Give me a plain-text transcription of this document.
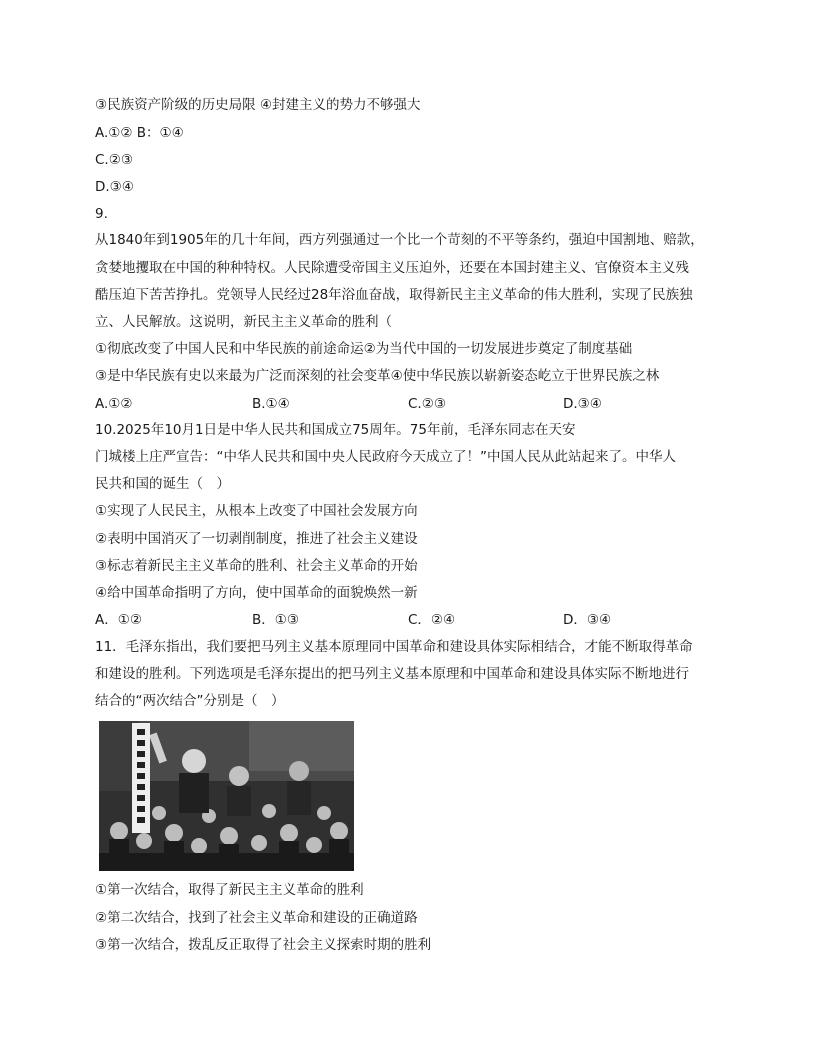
③民族资产阶级的历史局限 ④封建主义的势力不够强大
A.①② B：①④
C.②③
D.③④
9.
从1840年到1905年的几十年间，西方列强通过一个比一个苛刻的不平等条约，强迫中国割地、赔款，
贪婪地攫取在中国的种种特权。人民除遭受帝国主义压迫外，还要在本国封建主义、官僚资本主义残
酷压迫下苦苦挣扎。党领导人民经过28年浴血奋战，取得新民主主义革命的伟大胜利，实现了民族独
立、人民解放。这说明，新民主主义革命的胜利（
①彻底改变了中国人民和中华民族的前途命运②为当代中国的一切发展进步奠定了制度基础
③是中华民族有史以来最为广泛而深刻的社会变革④使中华民族以崭新姿态屹立于世界民族之林
A.①②	B.①④	C.②③	D.③④
10.2025年10月1日是中华人民共和国成立75周年。75年前，毛泽东同志在天安
门城楼上庄严宣告：“中华人民共和国中央人民政府今天成立了！”中国人民从此站起来了。中华人
民共和国的诞生（　）
①实现了人民民主，从根本上改变了中国社会发展方向
②表明中国消灭了一切剥削制度，推进了社会主义建设
③标志着新民主主义革命的胜利、社会主义革命的开始
④给中国革命指明了方向，使中国革命的面貌焕然一新
A．①②	B．①③	C．②④	D．③④
11．毛泽东指出，我们要把马列主义基本原理同中国革命和建设具体实际相结合，才能不断取得革命
和建设的胜利。下列选项是毛泽东提出的把马列主义基本原理和中国革命和建设具体实际不断地进行
结合的“两次结合”分别是（　）
①第一次结合，取得了新民主主义革命的胜利
②第二次结合，找到了社会主义革命和建设的正确道路
③第一次结合，拨乱反正取得了社会主义探索时期的胜利
